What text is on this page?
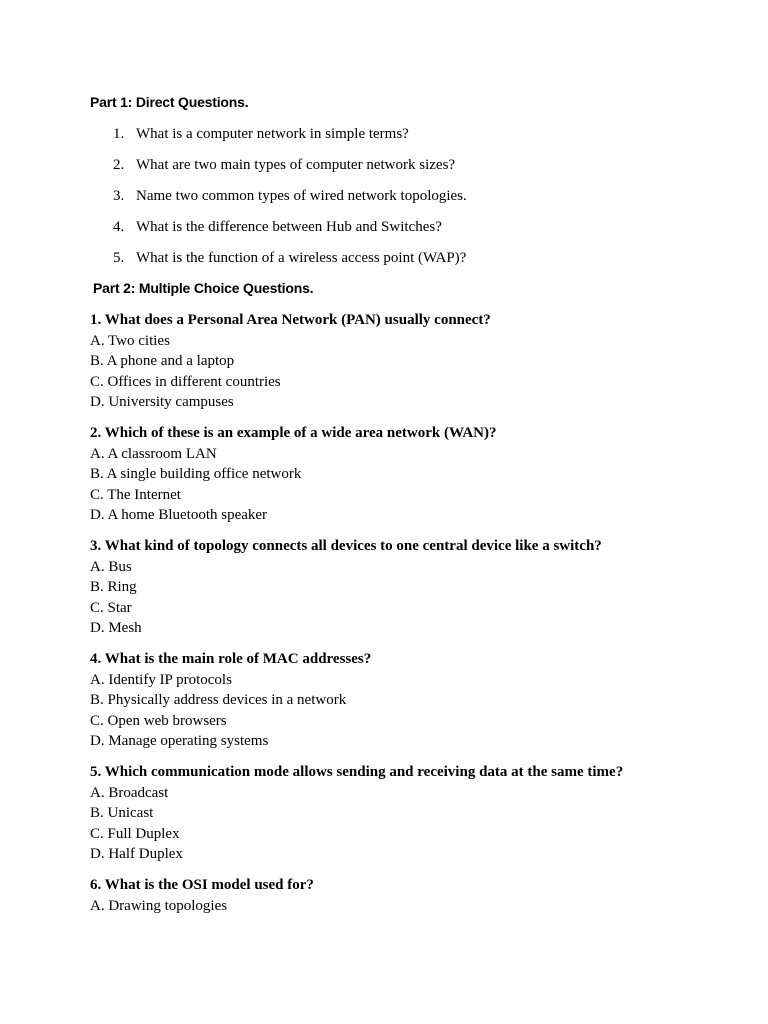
Part 1: Direct Questions.
1. What is a computer network in simple terms?
2. What are two main types of computer network sizes?
3. Name two common types of wired network topologies.
4. What is the difference between Hub and Switches?
5. What is the function of a wireless access point (WAP)?
Part 2: Multiple Choice Questions.
1. What does a Personal Area Network (PAN) usually connect?
A. Two cities
B. A phone and a laptop
C. Offices in different countries
D. University campuses
2. Which of these is an example of a wide area network (WAN)?
A. A classroom LAN
B. A single building office network
C. The Internet
D. A home Bluetooth speaker
3. What kind of topology connects all devices to one central device like a switch?
A. Bus
B. Ring
C. Star
D. Mesh
4. What is the main role of MAC addresses?
A. Identify IP protocols
B. Physically address devices in a network
C. Open web browsers
D. Manage operating systems
5. Which communication mode allows sending and receiving data at the same time?
A. Broadcast
B. Unicast
C. Full Duplex
D. Half Duplex
6. What is the OSI model used for?
A. Drawing topologies
